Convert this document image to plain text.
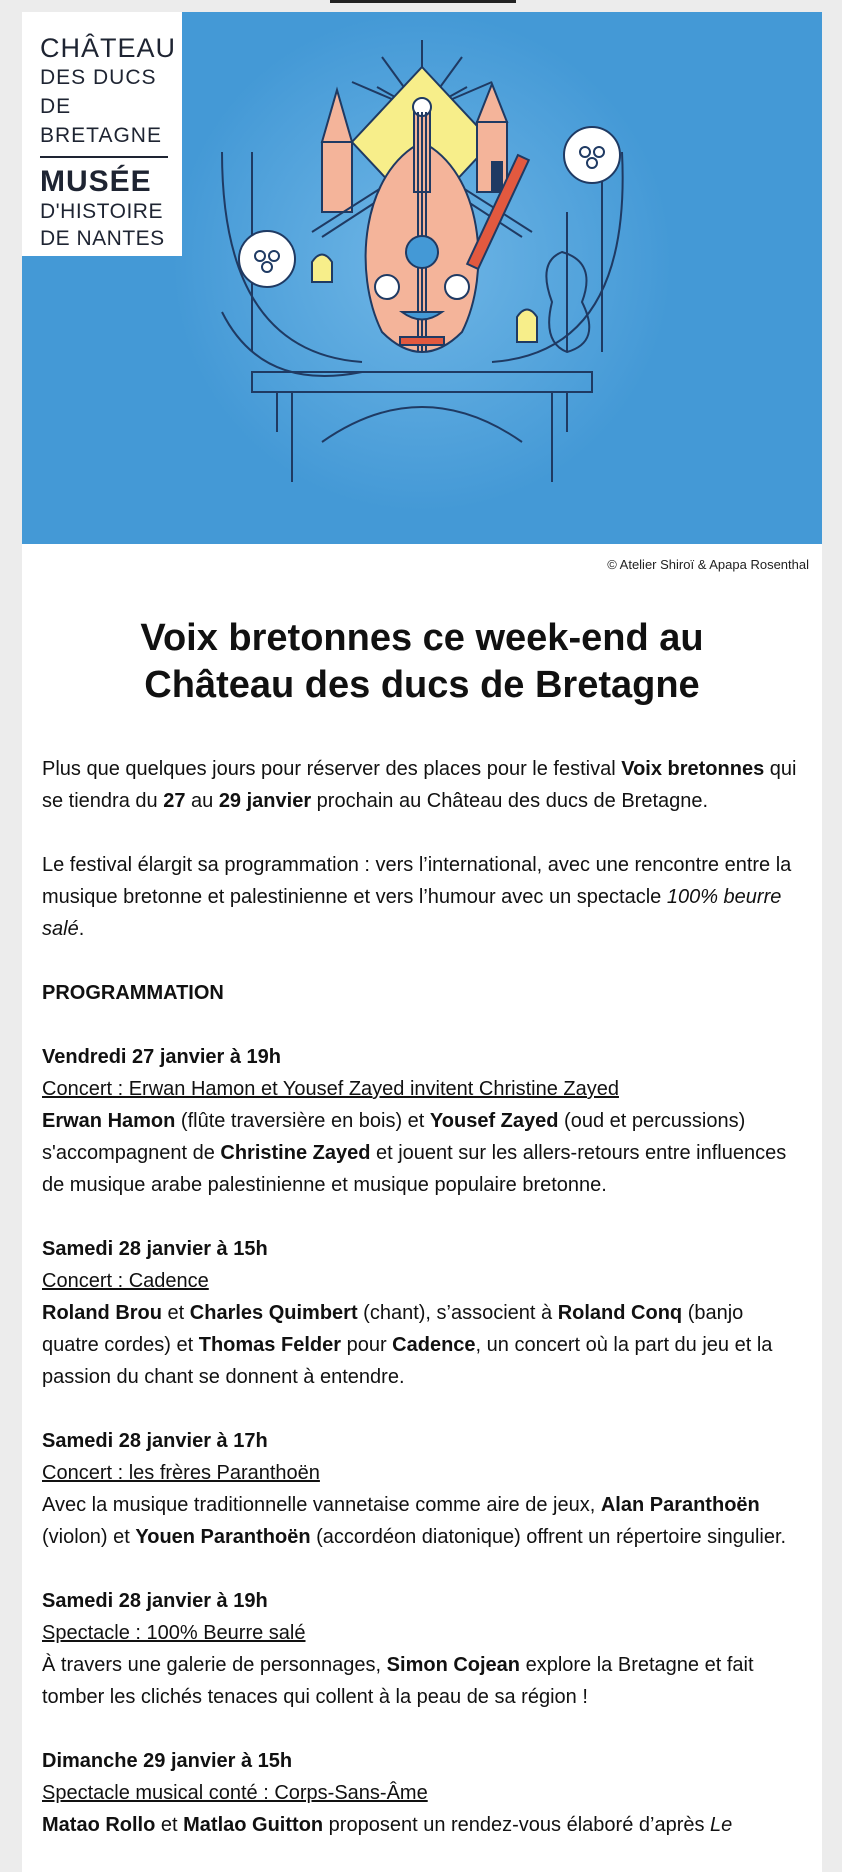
CHÂTEAU
DES DUCS DE
BRETAGNE
MUSÉE
D'HISTOIRE
DE NANTES
© Atelier Shiroï & Apapa Rosenthal
Voix bretonnes ce week-end au Château des ducs de Bretagne

Plus que quelques jours pour réserver des places pour le festival Voix bretonnes qui se tiendra du 27 au 29 janvier prochain au Château des ducs de Bretagne.

Le festival élargit sa programmation : vers l’international, avec une rencontre entre la musique bretonne et palestinienne et vers l’humour avec un spectacle 100% beurre salé.

PROGRAMMATION

Vendredi 27 janvier à 19h
Concert : Erwan Hamon et Yousef Zayed invitent Christine Zayed
Erwan Hamon (flûte traversière en bois) et Yousef Zayed (oud et percussions) s'accompagnent de Christine Zayed et jouent sur les allers-retours entre influences de musique arabe palestinienne et musique populaire bretonne.

Samedi 28 janvier à 15h
Concert : Cadence
Roland Brou et Charles Quimbert (chant), s’associent à Roland Conq (banjo quatre cordes) et Thomas Felder pour Cadence, un concert où la part du jeu et la passion du chant se donnent à entendre.

Samedi 28 janvier à 17h
Concert : les frères Paranthoën
Avec la musique traditionnelle vannetaise comme aire de jeux, Alan Paranthoën (violon) et Youen Paranthoën (accordéon diatonique) offrent un répertoire singulier.

Samedi 28 janvier à 19h
Spectacle : 100% Beurre salé
À travers une galerie de personnages, Simon Cojean explore la Bretagne et fait tomber les clichés tenaces qui collent à la peau de sa région !

Dimanche 29 janvier à 15h
Spectacle musical conté : Corps-Sans-Âme
Matao Rollo et Matlao Guitton proposent un rendez-vous élaboré d’après Le
